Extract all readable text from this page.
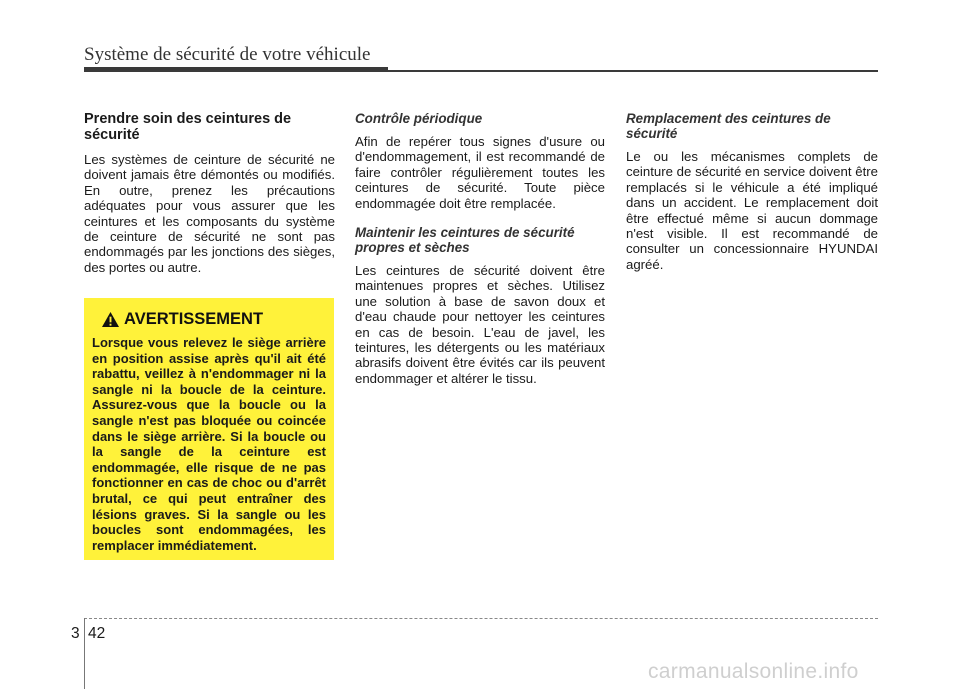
Système de sécurité de votre véhicule
Prendre soin des ceintures de sécurité

Les systèmes de ceinture de sécurité ne doivent jamais être démontés ou modifiés. En outre, prenez les précautions adéquates pour vous assurer que les ceintures et les composants du système de ceinture de sécurité ne sont pas endommagés par les jonctions des sièges, des portes ou autre.

AVERTISSEMENT
Lorsque vous relevez le siège arrière en position assise après qu'il ait été rabattu, veillez à n'endommager ni la sangle ni la boucle de la ceinture. Assurez-vous que la boucle ou la sangle n'est pas bloquée ou coincée dans le siège arrière. Si la boucle ou la sangle de la ceinture est endommagée, elle risque de ne pas fonctionner en cas de choc ou d'arrêt brutal, ce qui peut entraîner des lésions graves. Si la sangle ou les boucles sont endommagées, les remplacer immédiatement.
Contrôle périodique

Afin de repérer tous signes d'usure ou d'endommagement, il est recommandé de faire contrôler régulièrement toutes les ceintures de sécurité. Toute pièce endommagée doit être remplacée.

Maintenir les ceintures de sécurité propres et sèches

Les ceintures de sécurité doivent être maintenues propres et sèches. Utilisez une solution à base de savon doux et d'eau chaude pour nettoyer les ceintures en cas de besoin. L'eau de javel, les teintures, les détergents ou les matériaux abrasifs doivent être évités car ils peuvent endommager et altérer le tissu.

Remplacement des ceintures de sécurité

Le ou les mécanismes complets de ceinture de sécurité en service doivent être remplacés si le véhicule a été impliqué dans un accident. Le remplacement doit être effectué même si aucun dommage n'est visible. Il est recommandé de consulter un concessionnaire HYUNDAI agréé.

3 42
carmanualsonline.info
